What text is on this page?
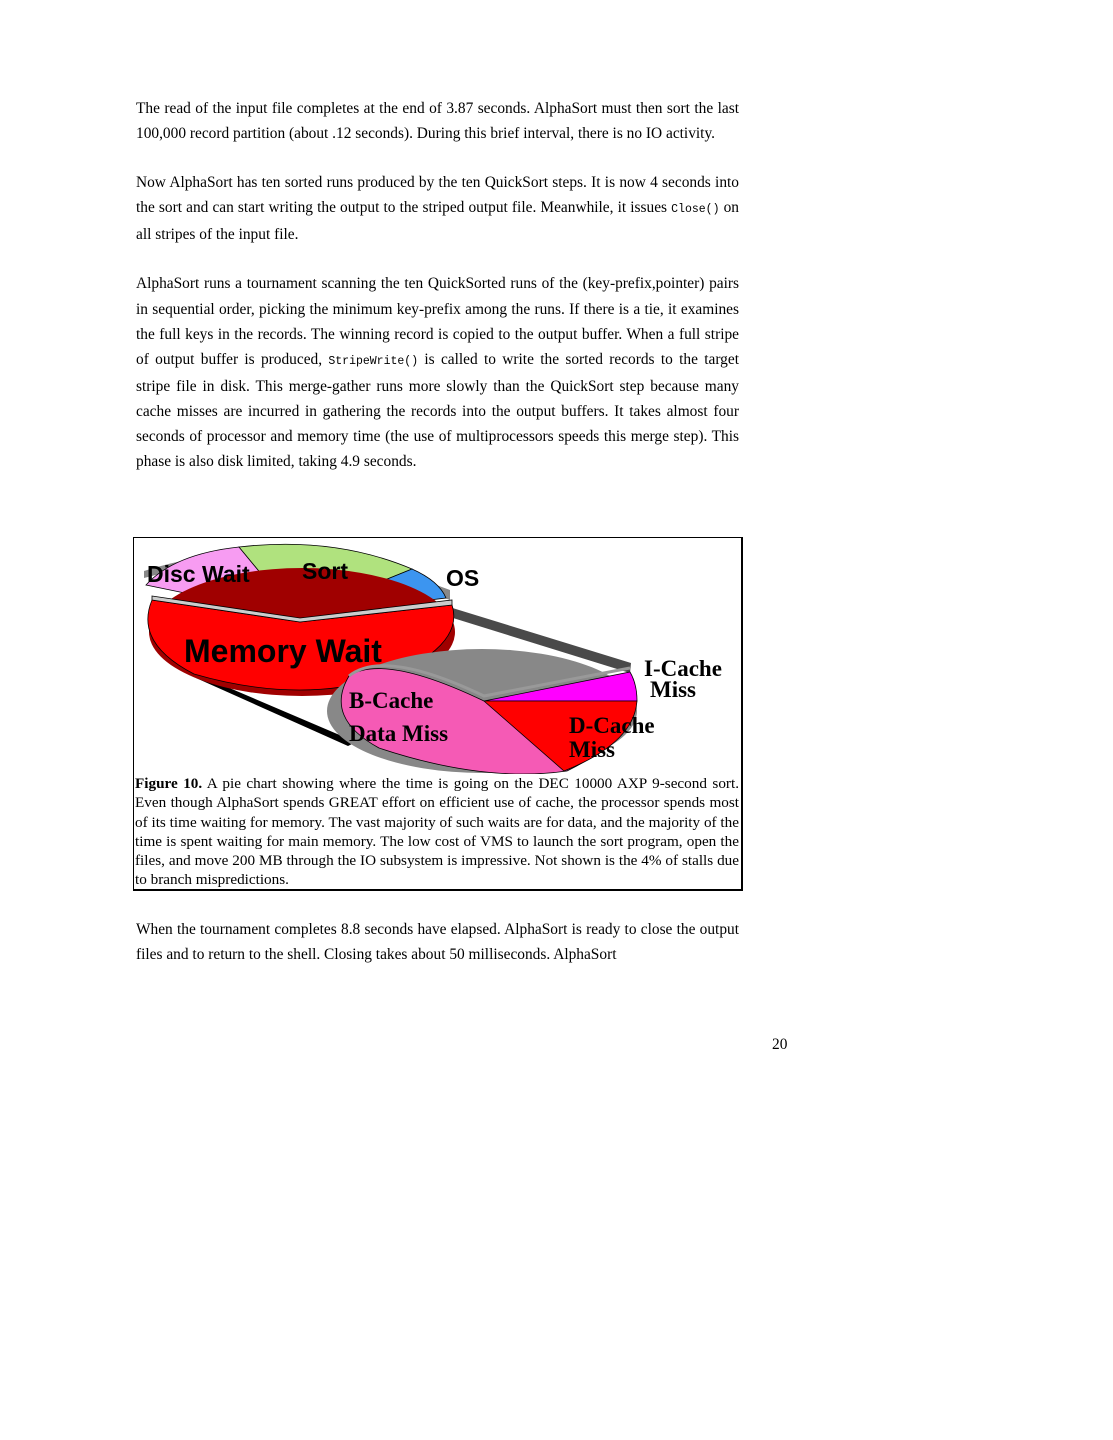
The read of the input file completes at the end of 3.87 seconds. AlphaSort must then sort the last 100,000 record partition (about .12 seconds). During this brief interval, there is no IO activity.

Now AlphaSort has ten sorted runs produced by the ten QuickSort steps. It is now 4 seconds into the sort and can start writing the output to the striped output file. Meanwhile, it issues Close() on all stripes of the input file.

AlphaSort runs a tournament scanning the ten QuickSorted runs of the (key-prefix,pointer) pairs in sequential order, picking the minimum key-prefix among the runs. If there is a tie, it examines the full keys in the records. The winning record is copied to the output buffer. When a full stripe of output buffer is produced, StripeWrite() is called to write the sorted records to the target stripe file in disk. This merge-gather runs more slowly than the QuickSort step because many cache misses are incurred in gathering the records into the output buffers. It takes almost four seconds of processor and memory time (the use of multiprocessors speeds this merge step). This phase is also disk limited, taking 4.9 seconds.

Disc Wait Sort	OS
Memory Wait
B-Cache
Data Miss
I-Cache
Miss
D-Cache
Miss
Figure 10. A pie chart showing where the time is going on the DEC 10000 AXP 9-second sort. Even though AlphaSort spends GREAT effort on efficient use of cache, the processor spends most of its time waiting for memory. The vast majority of such waits are for data, and the majority of the time is spent waiting for main memory. The low cost of VMS to launch the sort program, open the files, and move 200 MB through the IO subsystem is impressive. Not shown is the 4% of stalls due to branch mispredictions.

When the tournament completes 8.8 seconds have elapsed. AlphaSort is ready to close the output files and to return to the shell. Closing takes about 50 milliseconds. AlphaSort

20
